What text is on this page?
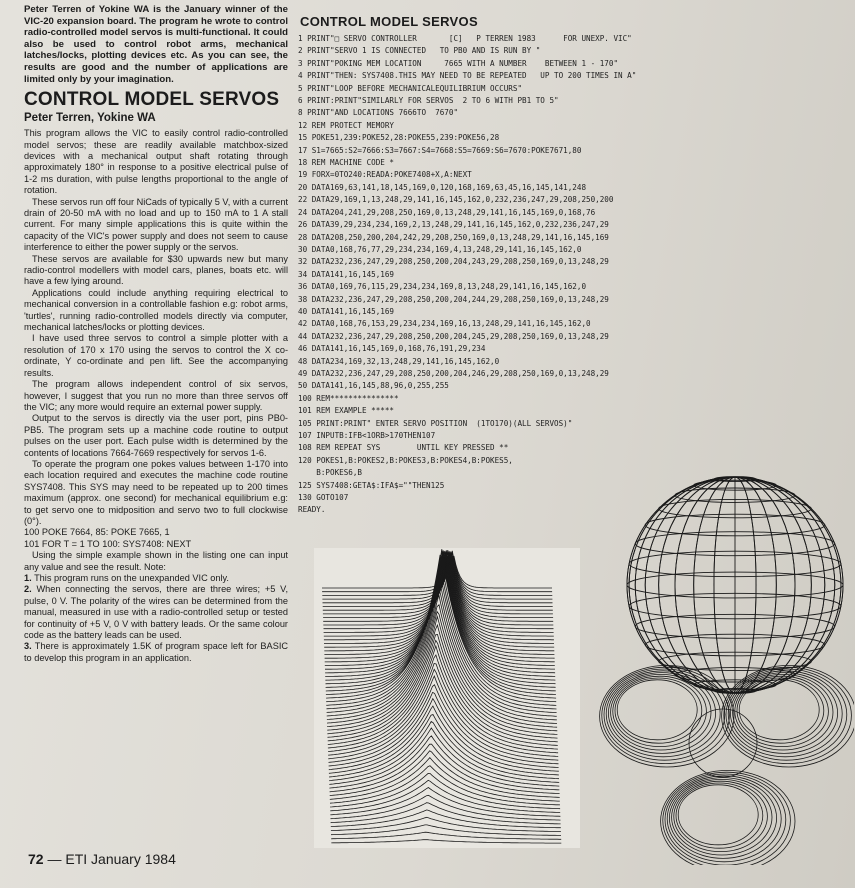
Peter Terren of Yokine WA is the January winner of the VIC-20 expansion board. The program he wrote to control radio-controlled model servos is multi-functional. It could also be used to control robot arms, mechanical latches/locks, plotting devices etc. As you can see, the results are good and the number of applications are limited only by your imagination.

CONTROL MODEL SERVOS
Peter Terren, Yokine WA

This program allows the VIC to easily control radio-controlled model servos; these are readily available matchbox-sized devices with a mechanical output shaft rotating through approximately 180° in response to a positive electrical pulse of 1-2 ms duration, with pulse lengths proportional to the angle of rotation.

These servos run off four NiCads of typically 5 V, with a current drain of 20-50 mA with no load and up to 150 mA to 1 A stall current. For many simple applications this is quite within the capacity of the VIC's power supply and does not seem to cause interference to either the power supply or the servos.

These servos are available for $30 upwards new but many radio-control modellers with model cars, planes, boats etc. will have a few lying around.

Applications could include anything requiring electrical to mechanical conversion in a controllable fashion e.g: robot arms, 'turtles', running radio-controlled models directly via computer, mechanical latches/locks or plotting devices.

I have used three servos to control a simple plotter with a resolution of 170 x 170 using the servos to control the X co-ordinate, Y co-ordinate and pen lift. See the accompanying results.

The program allows independent control of six servos, however, I suggest that you run no more than three servos off the VIC; any more would require an external power supply.

Output to the servos is directly via the user port, pins PB0-PB5. The program sets up a machine code routine to output pulses on the user port. Each pulse width is determined by the contents of locations 7664-7669 respectively for servos 1-6.

To operate the program one pokes values between 1-170 into each location required and executes the machine code routine SYS7408. This SYS may need to be repeated up to 200 times maximum (approx. one second) for mechanical equilibrium e.g: to get servo one to midposition and servo two to full clockwise (0°).

100 POKE 7664, 85: POKE 7665, 1

101 FOR T = 1 TO 100: SYS7408: NEXT

Using the simple example shown in the listing one can input any value and see the result. Note:

1. This program runs on the unexpanded VIC only.
2. When connecting the servos, there are three wires; +5 V, pulse, 0 V. The polarity of the wires can be determined from the manual, measured in use with a radio-controlled setup or tested for continuity of +5 V, 0 V with battery leads. Or the same colour code as the battery leads can be used.
3. There is approximately 1.5K of program space left for BASIC to develop this program in an application.
CONTROL MODEL SERVOS
1 PRINT"□ SERVO CONTROLLER       [C]   P TERREN 1983      FOR UNEXP. VIC"
2 PRINT"SERVO 1 IS CONNECTED   TO PB0 AND IS RUN BY "
3 PRINT"POKING MEM LOCATION     7665 WITH A NUMBER    BETWEEN 1 - 170"
4 PRINT"THEN: SYS7408.THIS MAY NEED TO BE REPEATED   UP TO 200 TIMES IN A"
5 PRINT"LOOP BEFORE MECHANICALEQUILIBRIUM OCCURS"
6 PRINT:PRINT"SIMILARLY FOR SERVOS  2 TO 6 WITH PB1 TO 5"
8 PRINT"AND LOCATIONS 7666TO  7670"
12 REM PROTECT MEMORY
15 POKE51,239:POKE52,28:POKE55,239:POKE56,28
17 S1=7665:S2=7666:S3=7667:S4=7668:S5=7669:S6=7670:POKE7671,80
18 REM MACHINE CODE *
19 FORX=0TO240:READA:POKE7408+X,A:NEXT
20 DATA169,63,141,18,145,169,0,120,168,169,63,45,16,145,141,248
22 DATA29,169,1,13,248,29,141,16,145,162,0,232,236,247,29,208,250,200
24 DATA204,241,29,208,250,169,0,13,248,29,141,16,145,169,0,168,76
26 DATA39,29,234,234,169,2,13,248,29,141,16,145,162,0,232,236,247,29
28 DATA208,250,200,204,242,29,208,250,169,0,13,248,29,141,16,145,169
30 DATA0,168,76,77,29,234,234,169,4,13,248,29,141,16,145,162,0
32 DATA232,236,247,29,208,250,200,204,243,29,208,250,169,0,13,248,29
34 DATA141,16,145,169
36 DATA0,169,76,115,29,234,234,169,8,13,248,29,141,16,145,162,0
38 DATA232,236,247,29,208,250,200,204,244,29,208,250,169,0,13,248,29
40 DATA141,16,145,169
42 DATA0,168,76,153,29,234,234,169,16,13,248,29,141,16,145,162,0
44 DATA232,236,247,29,208,250,200,204,245,29,208,250,169,0,13,248,29
46 DATA141,16,145,169,0,168,76,191,29,234
48 DATA234,169,32,13,248,29,141,16,145,162,0
49 DATA232,236,247,29,208,250,200,204,246,29,208,250,169,0,13,248,29
50 DATA141,16,145,88,96,0,255,255
100 REM***************
101 REM EXAMPLE *****
105 PRINT:PRINT" ENTER SERVO POSITION  (1TO170)(ALL SERVOS)"
107 INPUTB:IFB<1ORB>170THEN107
108 REM REPEAT SYS        UNTIL KEY PRESSED **
120 POKES1,B:POKES2,B:POKES3,B:POKES4,B:POKES5,
B:POKES6,B
125 SYS7408:GETA$:IFA$=""THEN125
130 GOTO107
READY.
72 — ETI January 1984
